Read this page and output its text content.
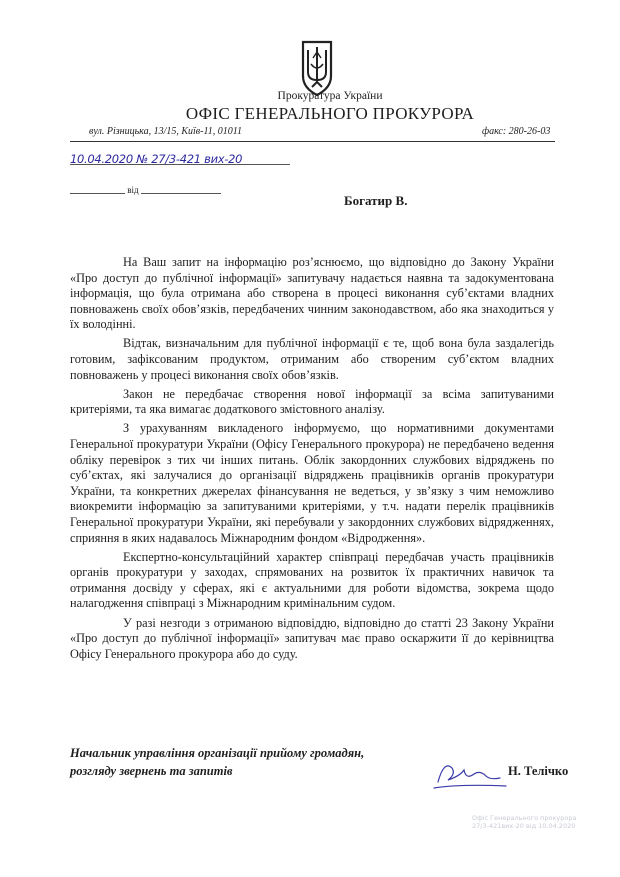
Прокуратура України
ОФІС ГЕНЕРАЛЬНОГО ПРОКУРОРА
вул. Різницька, 13/15, Київ-11, 01011	факс: 280-26-03
10.04.2020 № 27/3-421 вих-20
від
Богатир В.

На Ваш запит на інформацію роз’яснюємо, що відповідно до Закону України «Про доступ до публічної інформації» запитувачу надається наявна та задокументована інформація, що була отримана або створена в процесі виконання суб’єктами владних повноважень своїх обов’язків, передбачених чинним законодавством, або яка знаходиться у їх володінні.

Відтак, визначальним для публічної інформації є те, щоб вона була заздалегідь готовим, зафіксованим продуктом, отриманим або створеним суб’єктом владних повноважень у процесі виконання своїх обов’язків.

Закон не передбачає створення нової інформації за всіма запитуваними критеріями, та яка вимагає додаткового змістовного аналізу.

З урахуванням викладеного інформуємо, що нормативними документами Генеральної прокуратури України (Офісу Генерального прокурора) не передбачено ведення обліку перевірок з тих чи інших питань. Облік закордонних службових відряджень по суб’єктах, які залучалися до організації відряджень працівників органів прокуратури України, та конкретних джерелах фінансування не ведеться, у зв’язку з чим неможливо виокремити інформацію за запитуваними критеріями, у т.ч. надати перелік працівників Генеральної прокуратури України, які перебували у закордонних службових відрядженнях, сприяння в яких надавалось Міжнародним фондом «Відродження».

Експертно-консультаційний характер співпраці передбачав участь працівників органів прокуратури у заходах, спрямованих на розвиток їх практичних навичок та отримання досвіду у сферах, які є актуальними для роботи відомства, зокрема щодо налагодження співпраці з Міжнародним кримінальним судом.

У разі незгоди з отриманою відповіддю, відповідно до статті 23 Закону України «Про доступ до публічної інформації» запитувач має право оскаржити її до керівництва Офісу Генерального прокурора або до суду.

Начальник управління організації прийому громадян, розгляду звернень та запитів	Н. Телічко
Офіс Генерального прокурора
27/3-421вих-20 від 10.04.2020
